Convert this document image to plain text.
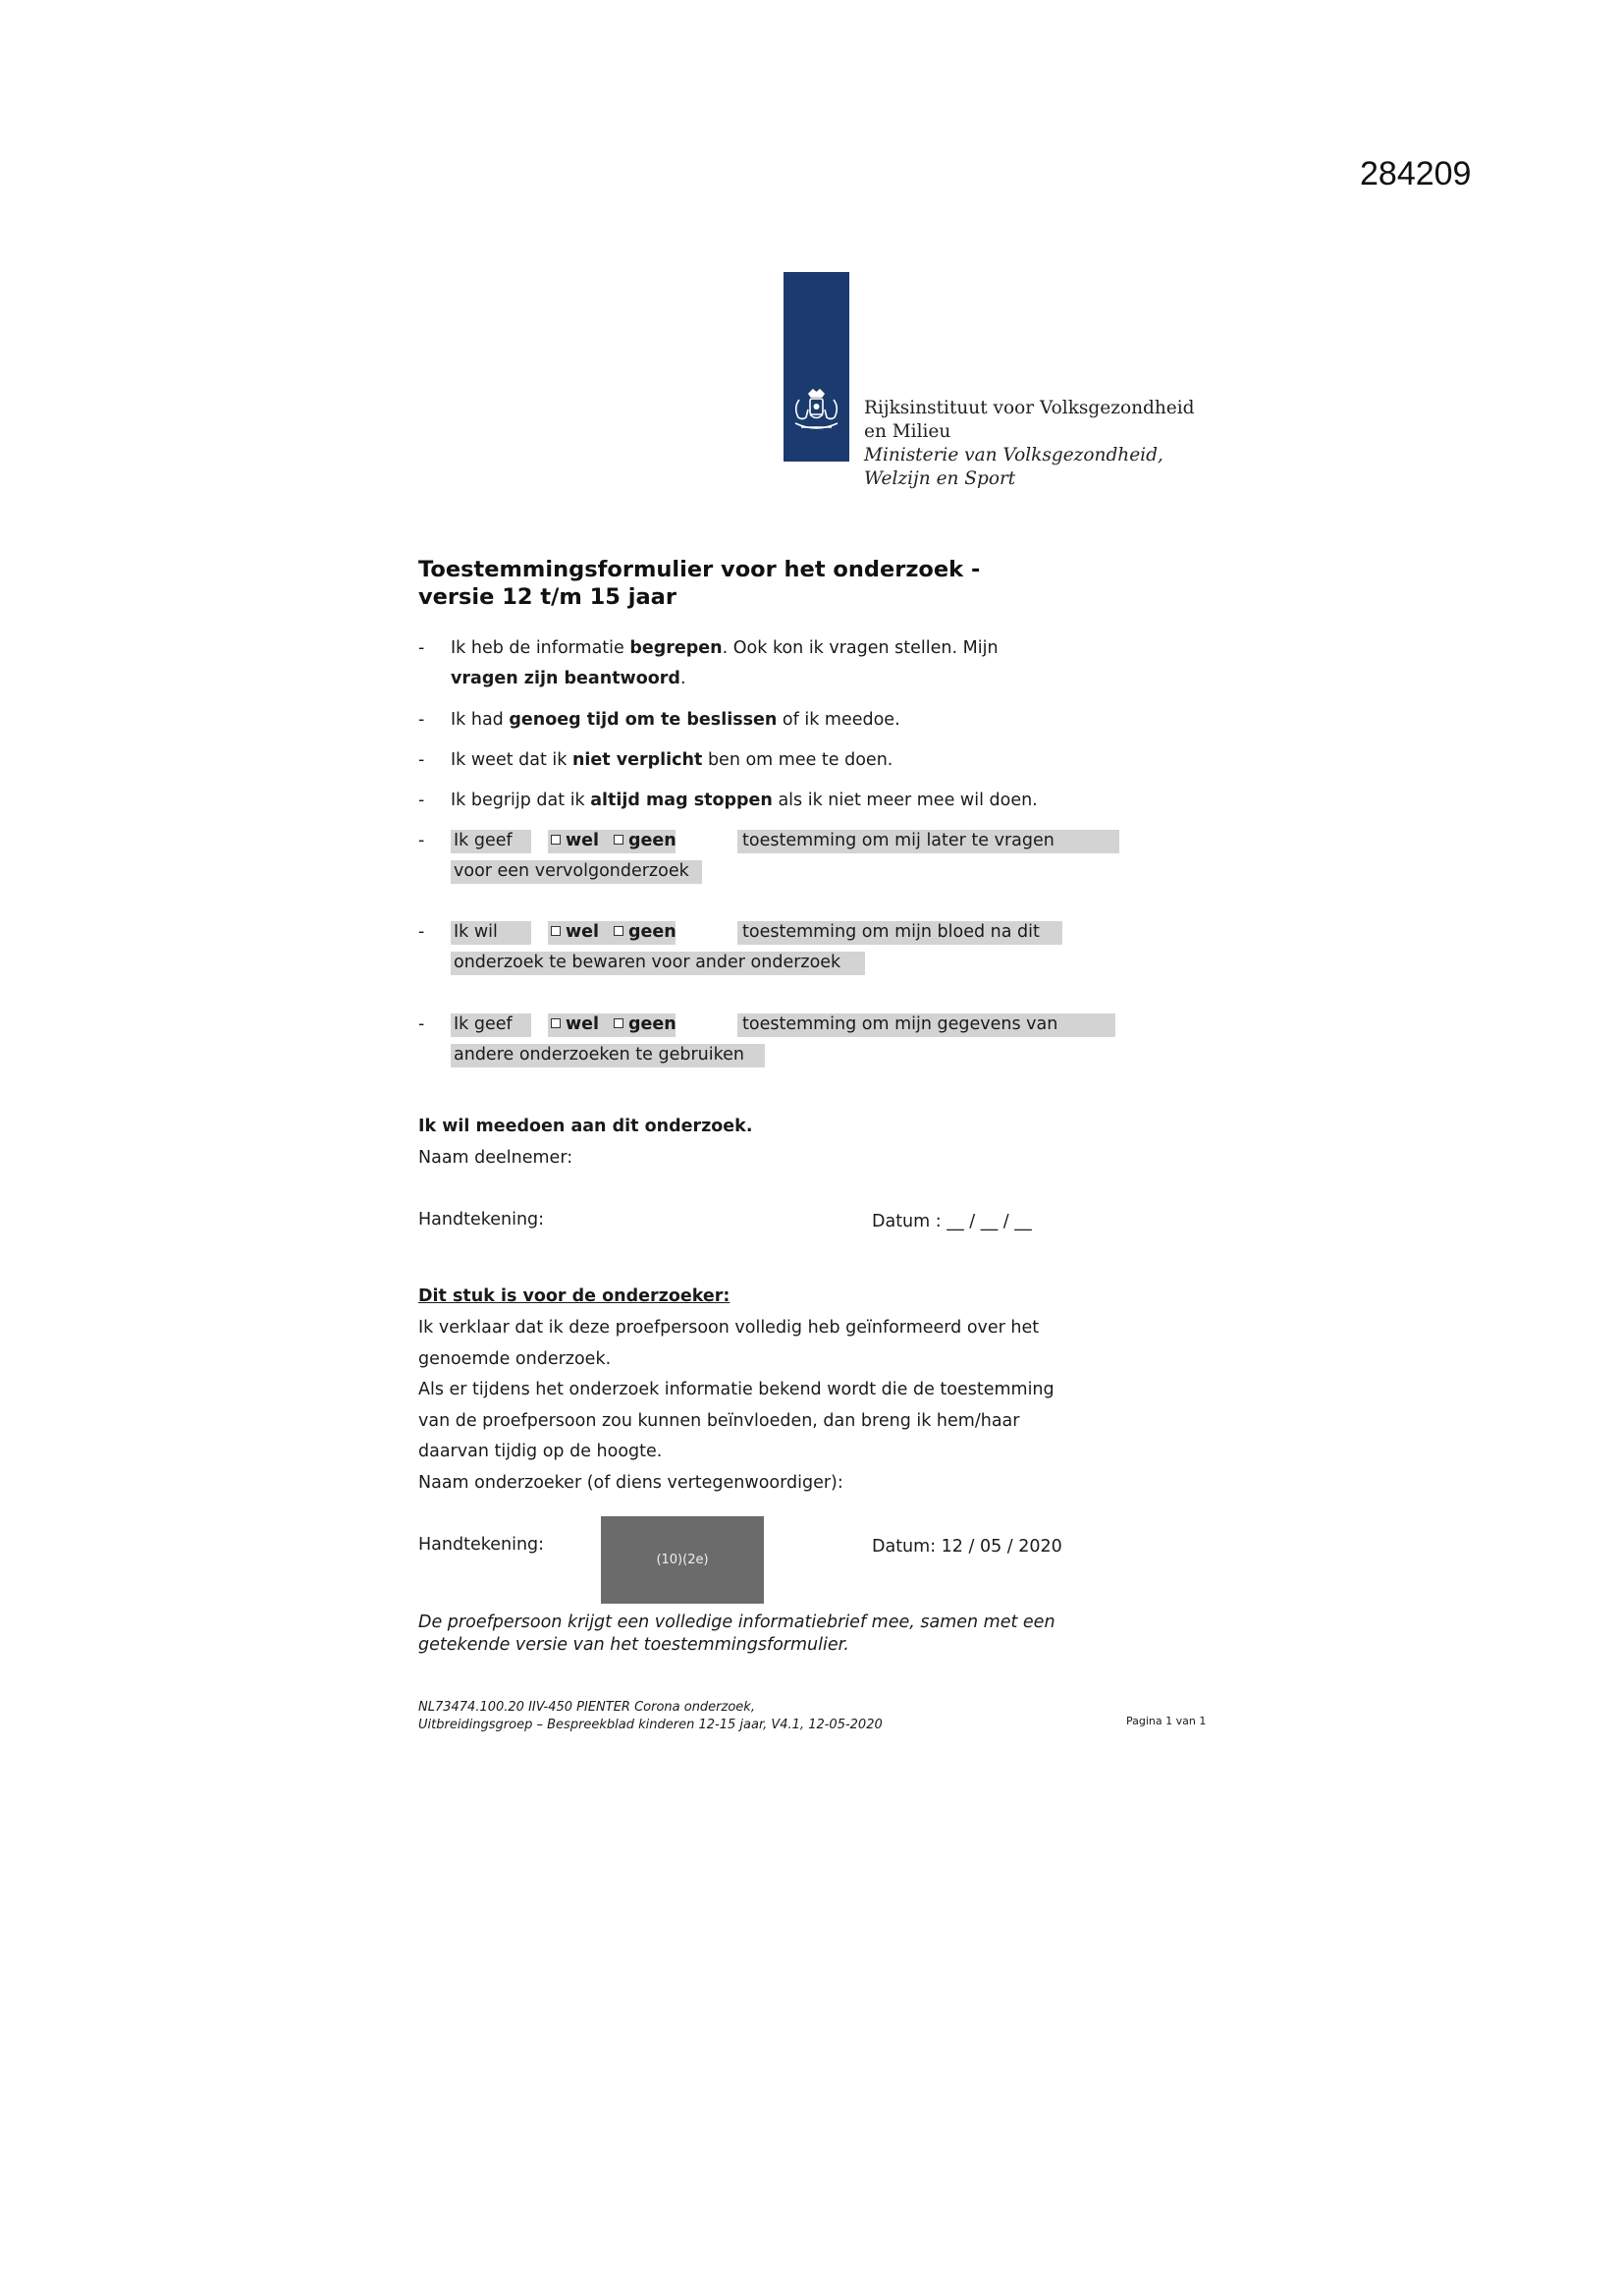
284209
Rijksinstituut voor Volksgezondheid
en Milieu
Ministerie van Volksgezondheid,
Welzijn en Sport
Toestemmingsformulier voor het onderzoek -
versie 12 t/m 15 jaar
-	Ik heb de informatie begrepen. Ook kon ik vragen stellen. Mijn
vragen zijn beantwoord.
-	Ik had genoeg tijd om te beslissen of ik meedoe.
-	Ik weet dat ik niet verplicht ben om mee te doen.
-	Ik begrijp dat ik altijd mag stoppen als ik niet meer mee wil doen.
-	Ik geef	wel	geen	toestemming om mij later te vragen
voor een vervolgonderzoek
-	Ik wil	wel	geen	toestemming om mijn bloed na dit
onderzoek te bewaren voor ander onderzoek
-	Ik geef	wel	geen	toestemming om mijn gegevens van
andere onderzoeken te gebruiken
Ik wil meedoen aan dit onderzoek.
Naam deelnemer:
Handtekening:	Datum : __ / __ / __
Dit stuk is voor de onderzoeker:
Ik verklaar dat ik deze proefpersoon volledig heb geïnformeerd over het
genoemde onderzoek.
Als er tijdens het onderzoek informatie bekend wordt die de toestemming
van de proefpersoon zou kunnen beïnvloeden, dan breng ik hem/haar
daarvan tijdig op de hoogte.
Naam onderzoeker (of diens vertegenwoordiger):
Handtekening:
(10)(2e)
Datum: 12 / 05 / 2020
De proefpersoon krijgt een volledige informatiebrief mee, samen met een
getekende versie van het toestemmingsformulier.
NL73474.100.20 IIV-450 PIENTER Corona onderzoek,
Uitbreidingsgroep – Bespreekblad kinderen 12-15 jaar, V4.1, 12-05-2020	Pagina 1 van 1
